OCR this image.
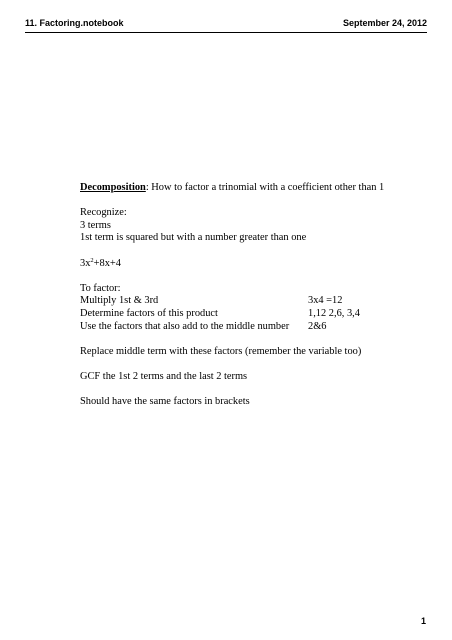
11. Factoring.notebook	September 24, 2012
Decomposition: How to factor a trinomial with a coefficient other than 1
Recognize:
3 terms
1st term is squared but with a number greater than one
$3x^2+8x+4$
To factor:
Multiply 1st & 3rd	3x4 =12
Determine factors of this product	1,12 2,6, 3,4
Use the factors that also add to the middle number 2&6
Replace middle term with these factors (remember the variable too)
GCF the 1st 2 terms and the last 2 terms
Should have the same factors in brackets
1
